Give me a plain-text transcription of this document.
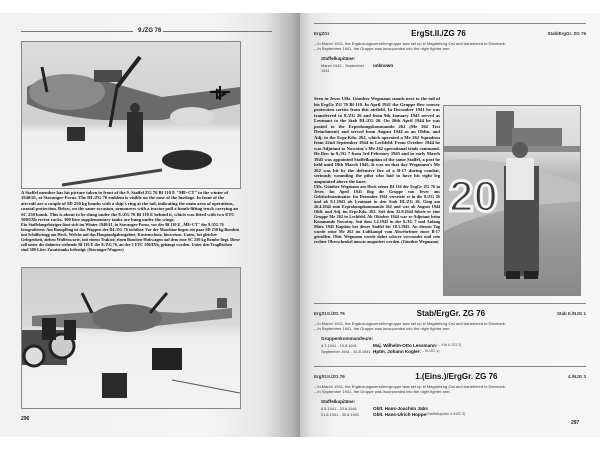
9./ZG 76
A Staffel member has his picture taken in front of the 9. Staffel ZG 76 Bf 110 E "M8+CT" in the winter of 1940/41, at Stavanger-Forus. The III./ZG 76 emblem is visible on the nose of the fuselage. In front of the aircraft are a couple of SD 250 kg bombs with a ship's ring at the tail, indicating the main area of operations, coastal protection. Below, on the same occasion, armourers with a tractor pull a bomb-lifting truck carrying an SC 250 bomb. This is about to be slung under the 8./ZG 76 Bf 110 E behind it, which was fitted with two ETC 500/IXb rector racks. 300 litre supplementary tanks are hung under the wings.
Ein Staffelangehöriger lässt sich im Winter 1940/41, in Stavanger-Forus, vor der Bf 110 E „M8+CT" der 9./ZG 76 fotografieren. Am Rumpfbug ist das Wappen der III./ZG 76 sichtbar. Vor der Maschine liegen ein paar SD 250 kg Bomben mit Schiffsringg am Heck. Welche auf das Hauptaufgabengebiet, Küstenschutz, hinweisen. Unten, bei gleicher Gelegenheit, ziehen Waffenwarte, mit einem Traktor, einen Bomben-Hubwagen auf dem eine SC 250 kg Bombe liegt. Diese soll unter die dahinter stehende Bf 110 E der 8./ZG 76, an der 2 ETC 500/IXb, gehängt werden. Unter den Tragflächen sind 300-Liter Zusatztanks befestigt. (Stavanger/Wagner)
296
ErgZGr	ErgSt.II./ZG 76	Stab/ErgGr. ZG 76
– In March 1941, the Ergänzungszerstörergruppe was set up in Magdeburg-Ost and transferred to Denmark.
– In September 1941, the Gruppe was incorporated into the night fighter arm.
Staffelkapitäne:
March 1941 - September 1941
unknown

Seen in Jever Uffz. Günther Wegmann stands next to the tail of his ErgGr ZG 76 Bf 110. In April 1941 the Gruppe flew convoy protection sorties from this airfield. In December 1941 he was transferred to 8./ZG 26 and from 9th January 1943 served as Leutnant to the Stab III./ZG 26. On 26th April 1944 he was posted to the Erprobungskommando 262 (Me 262 Test Detachment) and served from August 1944 as an Obltn. and Adj. in the Erpr.Kdo. 262, which operated a Me 262 Squadron from 22nd September 1944 in Lechfeld. From October 1944 he was Adjutant to Nowotny's Me 262 operational trials command. He flew in 9./JG 7 from 3rd February 1945 and in early March 1945 was appointed Staffelkapitän of the same Staffel, a post he held until 18th March 1945. It was on that day Wegmann's Me 262 was hit by the defensive fire of a B-17 during combat, seriously wounding the pilot who had to have his right leg amputated above the knee.

Uffz. Günther Wegmann am Heck seiner Bf 110 der ErgGr ZG 76 in Jever. Im April 1941 flog die Gruppe von Jever aus Geleitschutzeinsätze. Im Dezember 1941 versetzte er in die 8./ZG 26 und ab 9.1.1943 als Leutnant in den Stab III./ZG 26. Ging am 26.4.1944 zum Erprobungskommando 262 und war ab August 1944 Oblt. und Adj. im Erpr.Kdo. 262. Seit dem 22.9.1944 führte er eine Gruppe Me 262 in Lechfeld. Ab Oktober 1944 war er Adjutant beim Kommando Nowotny. Seit dem 3.2.1945 in der 9./JG 7 und Anfang März 1945 Kapitän bei dieser Staffel bis 18.3.1945. An diesem Tag wurde seine Me 262 im Luftkampf vom Abwehrfeuer einer B-17 getroffen. Obit. Wegmann wurde dabei schwer verwundet und sein rechter Oberschenkel musste amputiert werden. (Günther Wegmann)

20
ErgSt.II./ZG 76	Stab/ErgGr. ZG 76	Stab II./NJG 1
– In March 1941, the Ergänzungszerstörergruppe was set up in Magdeburg-Ost and transferred to Denmark.
– In September 1941, the Gruppe was incorporated into the night fighter arm.
Gruppenkommandeure:
4.7.1941 - 15.8.1941	Maj. Wilhelm-Otto Lessmann (→ Kdr II./ZG 2)
September 1941 - 31.8.1941 Hptm. Johann Kogler (→ III./ZG 1)
ErgSt.II./ZG 76	1.(Eins.)/ErgGr. ZG 76	4./NJG 3
– In March 1941, the Ergänzungszerstörergruppe was set up in Magdeburg-Ost and transferred to Denmark.
– In September 1941, the Gruppe was incorporated into the night fighter arm.
Staffelkapitäne:
6.5.1941 - 20.6.1941	Oblt. Hans-Joachim Jabs
21.6.1941 - 30.6.1941	Oblt. Hans-Ulrich Hoppe (Staffelkapitän 4./NJG 3)
297
